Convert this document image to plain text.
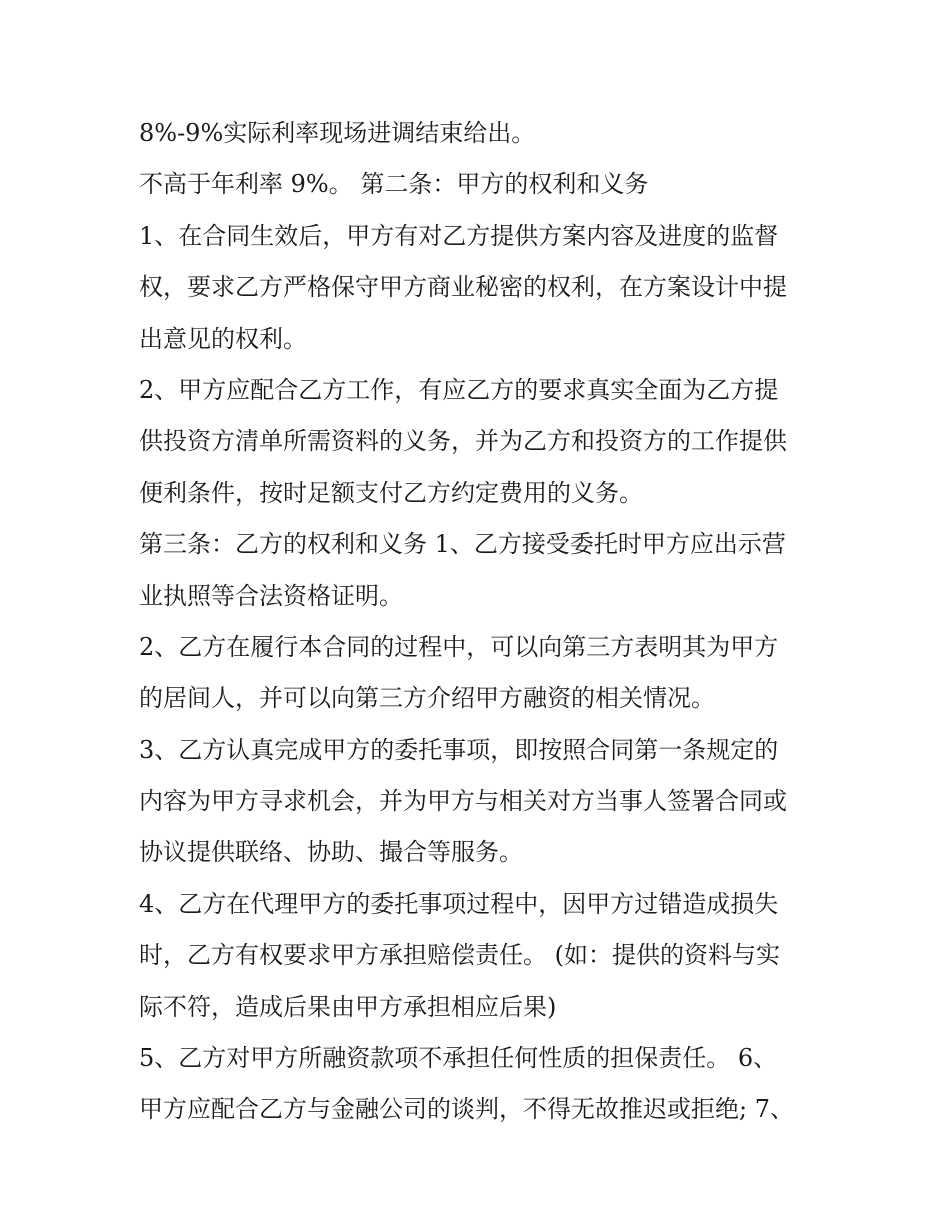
8%-9%实际利率现场进调结束给出。
不高于年利率 9%。 第二条：甲方的权利和义务
1、在合同生效后，甲方有对乙方提供方案内容及进度的监督
权，要求乙方严格保守甲方商业秘密的权利，在方案设计中提
出意见的权利。
2、甲方应配合乙方工作，有应乙方的要求真实全面为乙方提
供投资方清单所需资料的义务，并为乙方和投资方的工作提供
便利条件，按时足额支付乙方约定费用的义务。
第三条：乙方的权利和义务 1、乙方接受委托时甲方应出示营
业执照等合法资格证明。
2、乙方在履行本合同的过程中，可以向第三方表明其为甲方
的居间人，并可以向第三方介绍甲方融资的相关情况。
3、乙方认真完成甲方的委托事项，即按照合同第一条规定的
内容为甲方寻求机会，并为甲方与相关对方当事人签署合同或
协议提供联络、协助、撮合等服务。
4、乙方在代理甲方的委托事项过程中，因甲方过错造成损失
时，乙方有权要求甲方承担赔偿责任。 (如：提供的资料与实
际不符，造成后果由甲方承担相应后果)
5、乙方对甲方所融资款项不承担任何性质的担保责任。 6、
甲方应配合乙方与金融公司的谈判，不得无故推迟或拒绝; 7、
